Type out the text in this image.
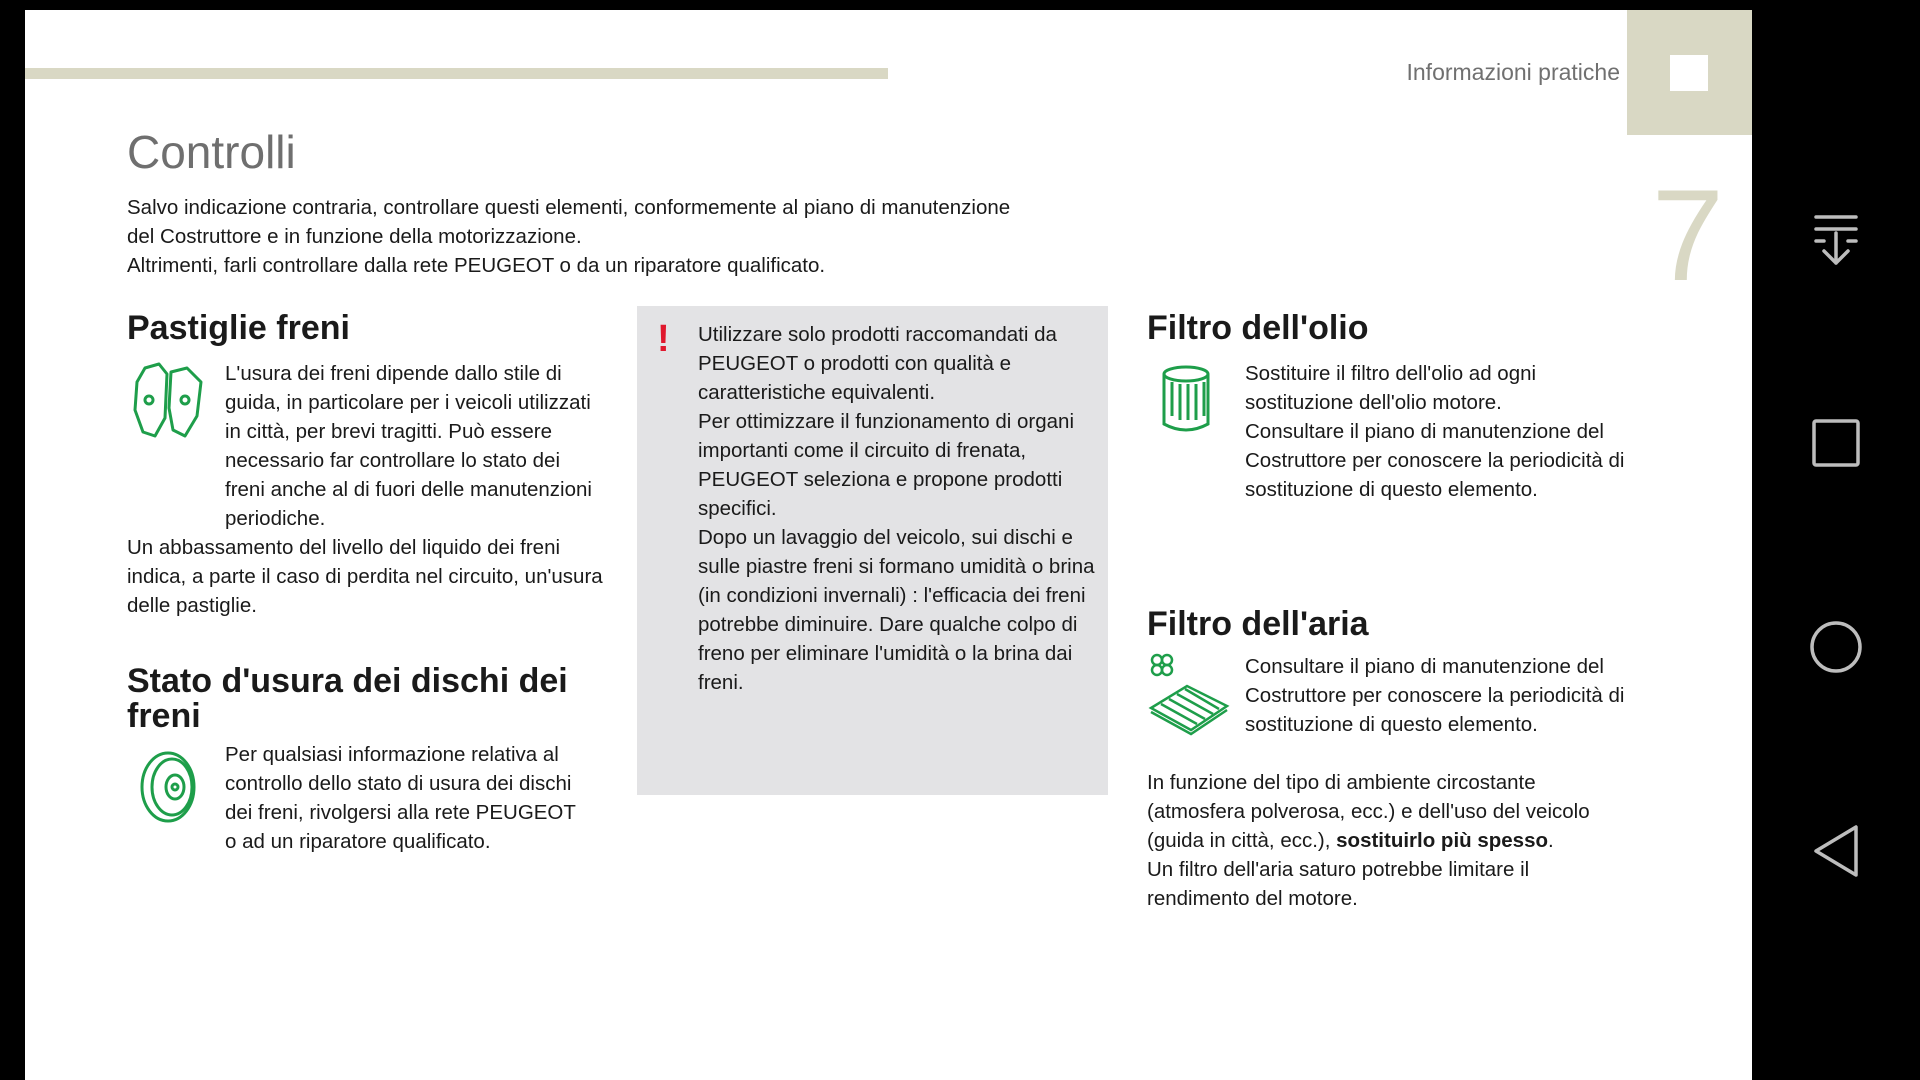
Informazioni pratiche
7
Controlli

Salvo indicazione contraria, controllare questi elementi, conformemente al piano di manutenzione

del Costruttore e in funzione della motorizzazione.

Altrimenti, farli controllare dalla rete PEUGEOT o da un riparatore qualificato.

Pastiglie freni
L'usura dei freni dipende dallo stile di guida, in particolare per i veicoli utilizzati in città, per brevi tragitti. Può essere necessario far controllare lo stato dei freni anche al di fuori delle manutenzioni periodiche.
Un abbassamento del livello del liquido dei freni indica, a parte il caso di perdita nel circuito, un'usura delle pastiglie.
Stato d'usura dei dischi dei freni
Per qualsiasi informazione relativa al controllo dello stato di usura dei dischi dei freni, rivolgersi alla rete PEUGEOT o ad un riparatore qualificato.
! Utilizzare solo prodotti raccomandati da PEUGEOT o prodotti con qualità e caratteristiche equivalenti.

Per ottimizzare il funzionamento di organi importanti come il circuito di frenata, PEUGEOT seleziona e propone prodotti specifici.

Dopo un lavaggio del veicolo, sui dischi e sulle piastre freni si formano umidità o brina (in condizioni invernali) : l'efficacia dei freni potrebbe diminuire. Dare qualche colpo di freno per eliminare l'umidità o la brina dai freni.

Filtro dell'olio

Sostituire il filtro dell'olio ad ogni sostituzione dell'olio motore.

Consultare il piano di manutenzione del Costruttore per conoscere la periodicità di sostituzione di questo elemento.

Filtro dell'aria
Consultare il piano di manutenzione del Costruttore per conoscere la periodicità di sostituzione di questo elemento.

In funzione del tipo di ambiente circostante (atmosfera polverosa, ecc.) e dell'uso del veicolo (guida in città, ecc.), sostituirlo più spesso.

Un filtro dell'aria saturo potrebbe limitare il rendimento del motore.
